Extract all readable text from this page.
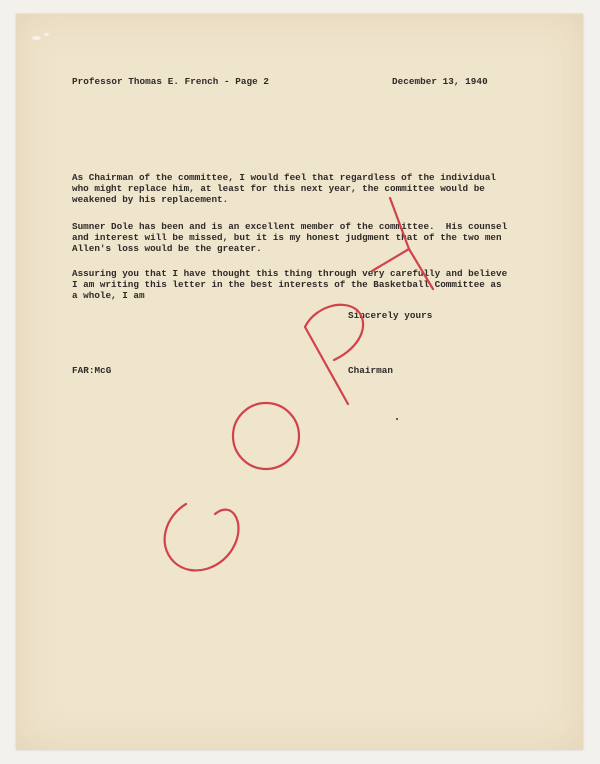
Professor Thomas E. French - Page 2	December 13, 1940
As Chairman of the committee, I would feel that regardless of the individual
who might replace him, at least for this next year, the committee would be
weakened by his replacement.
Sumner Dole has been and is an excellent member of the committee.  His counsel
and interest will be missed, but it is my honest judgment that of the two men
Allen's loss would be the greater.
Assuring you that I have thought this thing through very carefully and believe
I am writing this letter in the best interests of the Basketball Committee as
a whole, I am
Sincerely yours
FAR:McG	Chairman
